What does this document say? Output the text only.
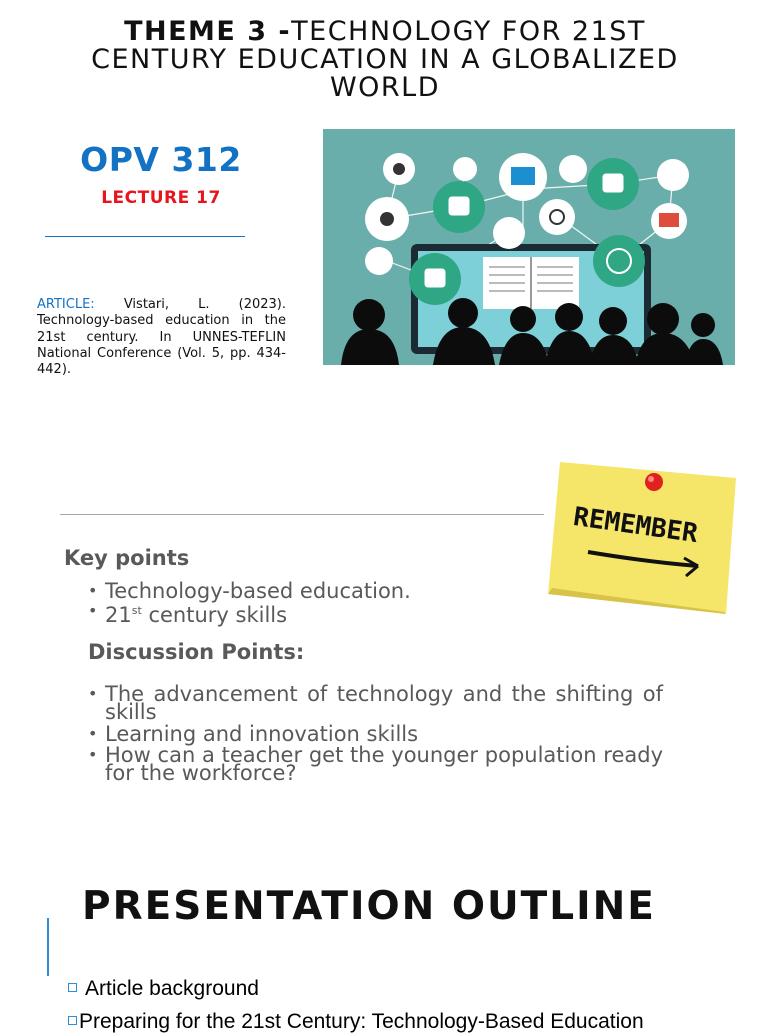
THEME 3 -TECHNOLOGY FOR 21ST
CENTURY EDUCATION IN A GLOBALIZED
WORLD
OPV 312
LECTURE 17
ARTICLE: Vistari, L. (2023). Technology-based education in the 21st century. In UNNES-TEFLIN National Conference (Vol. 5, pp. 434-442).
REMEMBER
Key points
• Technology-based education.
• 21st century skills
Discussion Points:
• The advancement of technology and the shifting of skills
• Learning and innovation skills
• How can a teacher get the younger population ready for the workforce?
PRESENTATION OUTLINE
Article background
Preparing for the 21st Century: Technology-Based Education
